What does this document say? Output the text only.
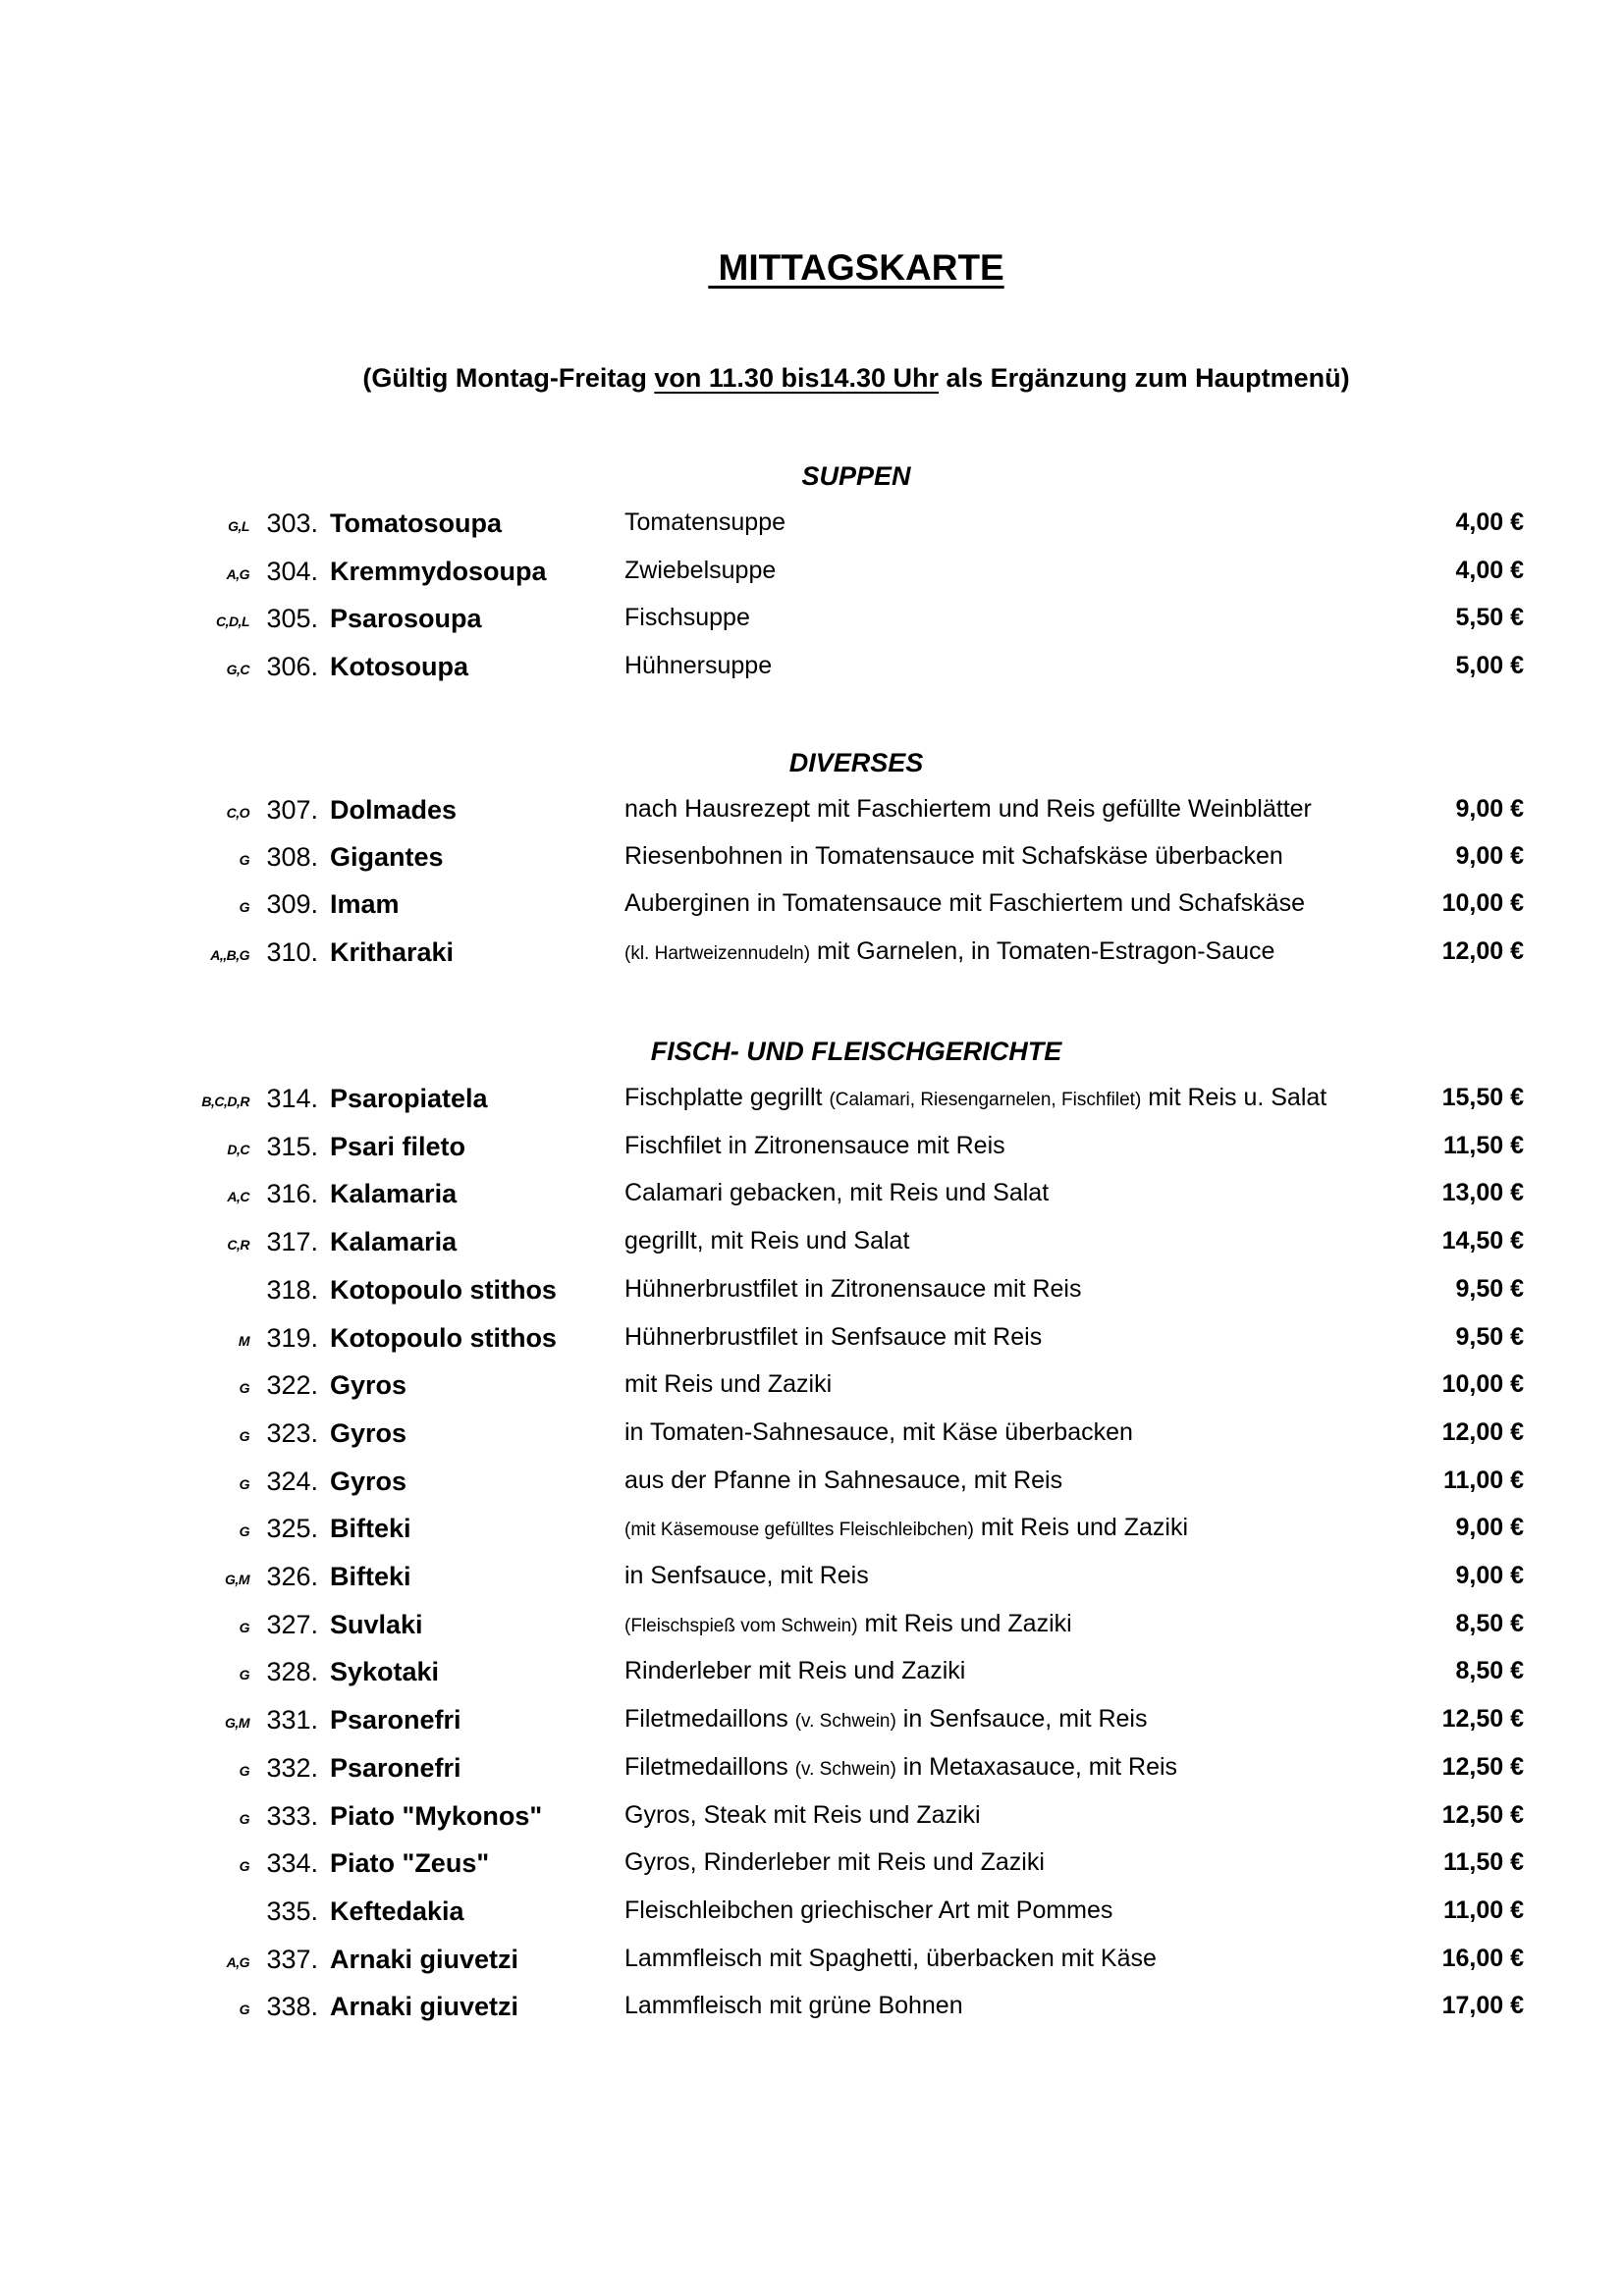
MITTAGSKARTE

(Gültig Montag-Freitag von 11.30 bis14.30 Uhr als Ergänzung zum Hauptmenü)

SUPPEN
G,L 303. Tomatosoupa	Tomatensuppe	4,00 €
A,G 304. Kremmydosoupa	Zwiebelsuppe	4,00 €
C,D,L 305. Psarosoupa	Fischsuppe	5,50 €
G,C 306. Kotosoupa	Hühnersuppe	5,00 €
DIVERSES
C,O 307. Dolmades	nach Hausrezept mit Faschiertem und Reis gefüllte Weinblätter	9,00 €
G 308. Gigantes	Riesenbohnen in Tomatensauce mit Schafskäse überbacken	9,00 €
G 309. Imam	Auberginen in Tomatensauce mit Faschiertem und Schafskäse	10,00 €
A,,B,G 310. Kritharaki	(kl. Hartweizennudeln) mit Garnelen, in Tomaten-Estragon-Sauce	12,00 €
FISCH- UND FLEISCHGERICHTE
B,C,D,R 314. Psaropiatela	Fischplatte gegrillt (Calamari, Riesengarnelen, Fischfilet) mit Reis u. Salat	15,50 €
D,C 315. Psari fileto	Fischfilet in Zitronensauce mit Reis	11,50 €
A,C 316. Kalamaria	Calamari gebacken, mit Reis und Salat	13,00 €
C,R 317. Kalamaria	gegrillt, mit Reis und Salat	14,50 €
318. Kotopoulo stithos	Hühnerbrustfilet in Zitronensauce mit Reis	9,50 €
M 319. Kotopoulo stithos	Hühnerbrustfilet in Senfsauce mit Reis	9,50 €
G 322. Gyros	mit Reis und Zaziki	10,00 €
G 323. Gyros	in Tomaten-Sahnesauce, mit Käse überbacken	12,00 €
G 324. Gyros	aus der Pfanne in Sahnesauce, mit Reis	11,00 €
G 325. Bifteki	(mit Käsemouse gefülltes Fleischleibchen) mit Reis und Zaziki	9,00 €
G,M 326. Bifteki	in Senfsauce, mit Reis	9,00 €
G 327. Suvlaki	(Fleischspieß vom Schwein) mit Reis und Zaziki	8,50 €
G 328. Sykotaki	Rinderleber mit Reis und Zaziki	8,50 €
G,M 331. Psaronefri	Filetmedaillons (v. Schwein) in Senfsauce, mit Reis	12,50 €
G 332. Psaronefri	Filetmedaillons (v. Schwein) in Metaxasauce, mit Reis	12,50 €
G 333. Piato "Mykonos"	Gyros, Steak mit Reis und Zaziki	12,50 €
G 334. Piato "Zeus"	Gyros, Rinderleber mit Reis und Zaziki	11,50 €
335. Keftedakia	Fleischleibchen griechischer Art mit Pommes	11,00 €
A,G 337. Arnaki giuvetzi	Lammfleisch mit Spaghetti, überbacken mit Käse	16,00 €
G 338. Arnaki giuvetzi	Lammfleisch mit grüne Bohnen	17,00 €
